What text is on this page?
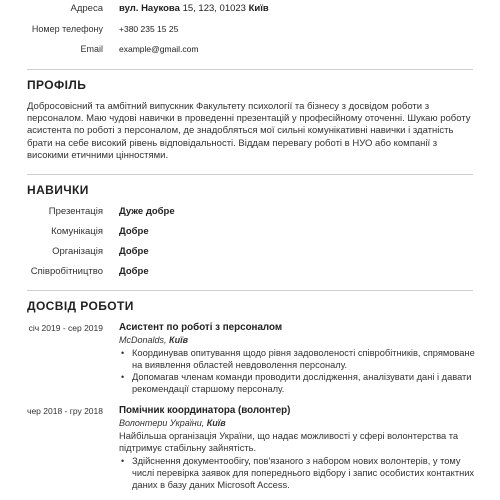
Адреса вул. Наукова 15, 123, 01023 Київ
Номер телефону +380 235 15 25
Email example@gmail.com
ПРОФІЛЬ

Добросовісний та амбітний випускник Факультету психології та бізнесу з досвідом роботи з персоналом. Маю чудові навички в проведенні презентацій у професійному оточенні. Шукаю роботу асистента по роботі з персоналом, де знадобляться мої сильні комунікативні навички і здатність брати на себе високий рівень відповідальності. Віддам перевагу роботі в НУО або компанії з високими етичними цінностями.

НАВИЧКИ
Презентація Дуже добре
Комунікація Добре
Організація Добре
Співробітництво Добре
ДОСВІД РОБОТИ
січ 2019 - сер 2019 Асистент по роботі з персоналом
McDonalds, Київ
• Координував опитування щодо рівня задоволеності співробітників, спрямоване на виявлення областей невдоволення персоналу.
• Допомагав членам команди проводити дослідження, аналізувати дані і давати рекомендації старшому персоналу.
чер 2018 - гру 2018 Помічник координатора (волонтер)
Волонтери України, Київ

Найбільша організація України, що надає можливості у сфері волонтерства та підтримує стабільну зайнятість.

• Здійснення документообігу, пов'язаного з набором нових волонтерів, у тому числі перевірка заявок для попереднього відбору і запис особистих контактних даних в базу даних Microsoft Access.
